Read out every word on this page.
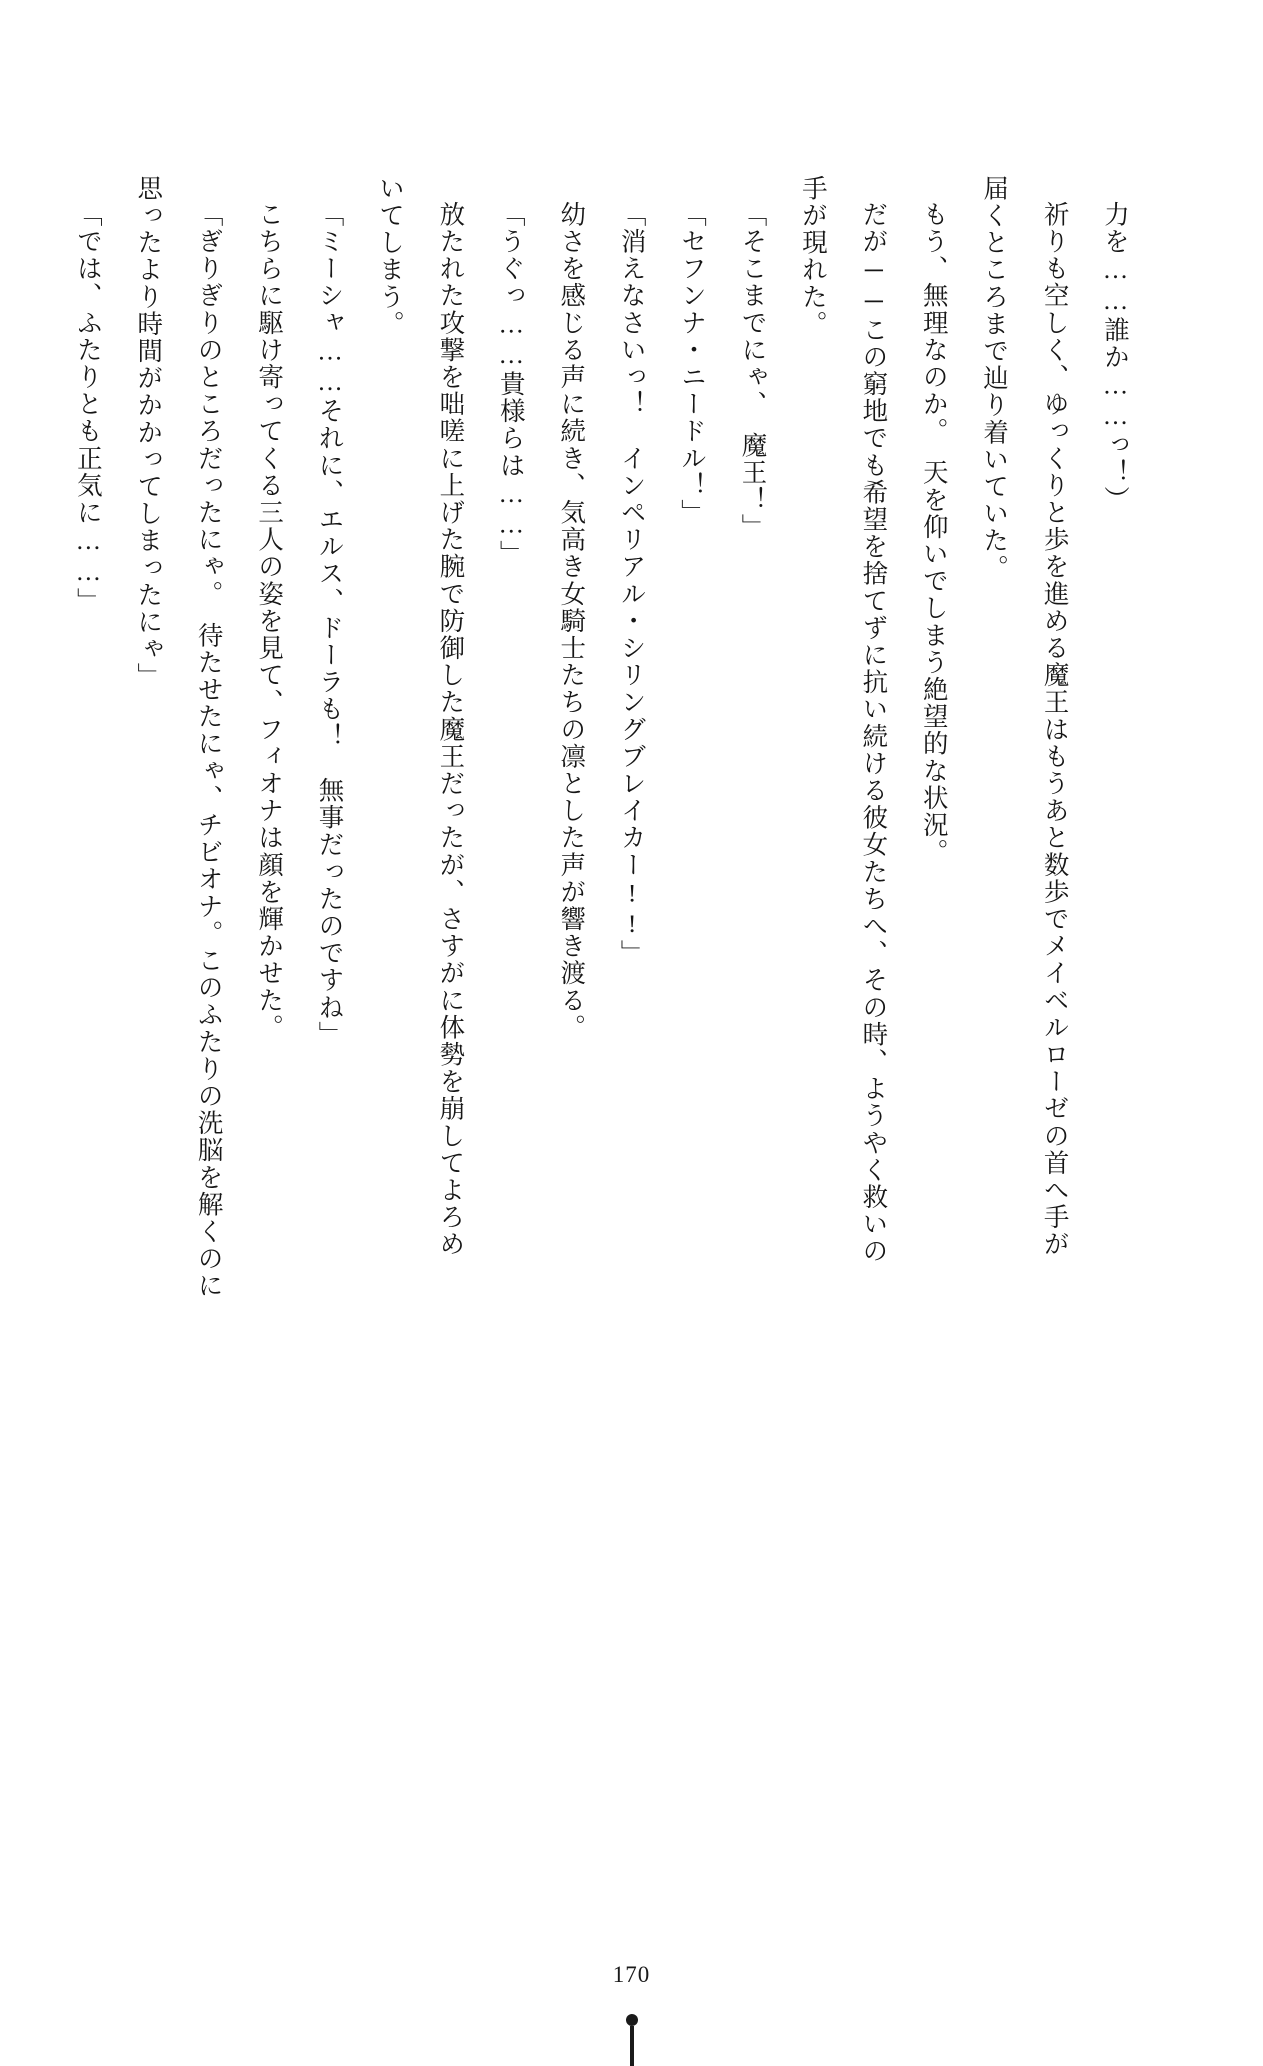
力を……誰か……っ！）

祈りも空しく、ゆっくりと歩を進める魔王はもうあと数歩でメイベルローゼの首へ手が

届くところまで辿り着いていた。

もう、無理なのか。　天を仰いでしまう絶望的な状況。

だが──この窮地でも希望を捨てずに抗い続ける彼女たちへ、その時、ようやく救いの

手が現れた。

「そこまでにゃ、　魔王！」

「セフンナ・ニードル！」

「消えなさいっ！　インペリアル・シリングブレイカー!!」

幼さを感じる声に続き、気高き女騎士たちの凛とした声が響き渡る。

「うぐっ……貴様らは……」

放たれた攻撃を咄嗟に上げた腕で防御した魔王だったが、さすがに体勢を崩してよろめ

いてしまう。

「ミーシャ……それに、エルス、ドーラも！　無事だったのですね」

こちらに駆け寄ってくる三人の姿を見て、フィオナは顔を輝かせた。

「ぎりぎりのところだったにゃ。　待たせたにゃ、チビオナ。このふたりの洗脳を解くのに

思ったより時間がかかってしまったにゃ」

「では、ふたりとも正気に……」

170
